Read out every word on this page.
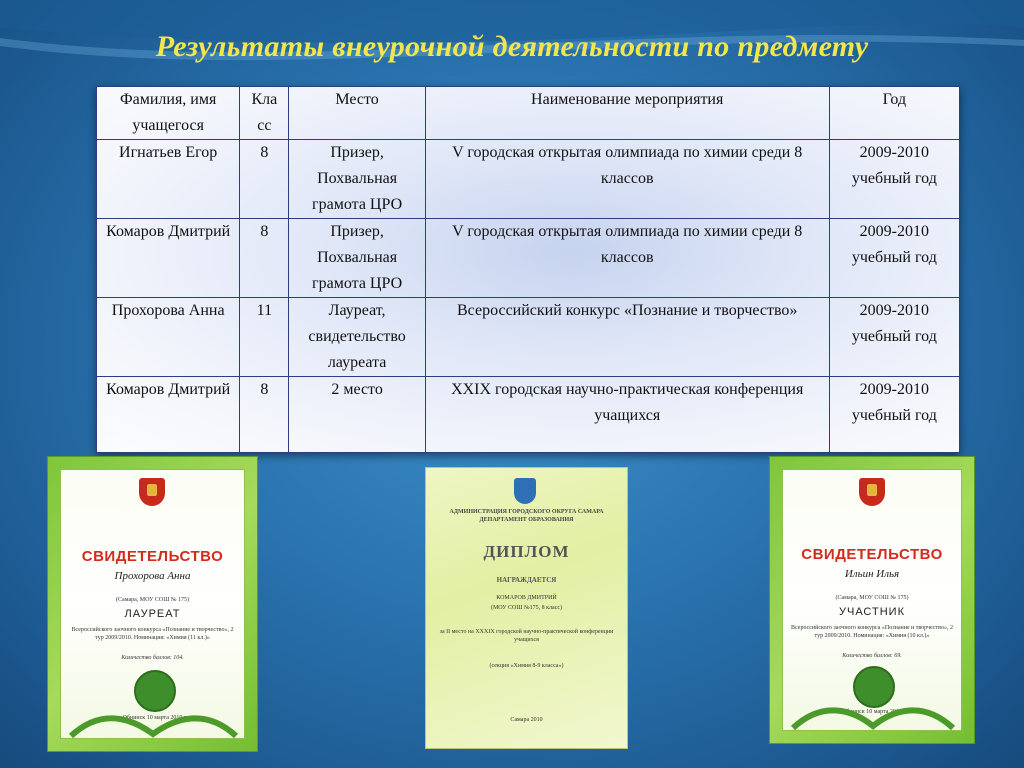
Результаты внеурочной деятельности по предмету
Фамилия, имя учащегося	Кла сс	Место	Наименование мероприятия	Год
Игнатьев Егор	8	Призер, Похвальная грамота ЦРО	V городская открытая олимпиада по химии среди 8 классов	2009-2010 учебный год
Комаров Дмитрий	8	Призер, Похвальная грамота ЦРО	V городская открытая олимпиада по химии среди 8 классов	2009-2010 учебный год
Прохорова Анна	11	Лауреат, свидетельство лауреата	Всероссийский конкурс «Познание и творчество»	2009-2010 учебный год
Комаров Дмитрий	8	2 место	XXIX городская научно-практическая конференция учащихся	2009-2010 учебный год
СВИДЕТЕЛЬСТВО
Прохорова Анна
(Самара, МОУ СОШ № 175)
ЛАУРЕАТ
Всероссийского заочного конкурса «Познание и творчество», 2 тур 2009/2010. Номинация: «Химия (11 кл.)»
Количество баллов: 104.
г. Обнинск 10 марта 2010 г.
АДМИНИСТРАЦИЯ ГОРОДСКОГО ОКРУГА САМАРА ДЕПАРТАМЕНТ ОБРАЗОВАНИЯ
ДИПЛОМ
НАГРАЖДАЕТСЯ
КОМАРОВ ДМИТРИЙ
(МОУ СОШ №175, 8 класс)
за II место на XXXIX городской научно-практической конференции учащихся
(секция «Химия 8-9 класса»)
Самара 2010
СВИДЕТЕЛЬСТВО
Ильин Илья
(Самара, МОУ СОШ № 175)
УЧАСТНИК
Всероссийского заочного конкурса «Познание и творчество», 2 тур 2009/2010. Номинация: «Химия (10 кл.)»
Количество баллов: 69.
г. Обнинск 10 марта 2010 г.
